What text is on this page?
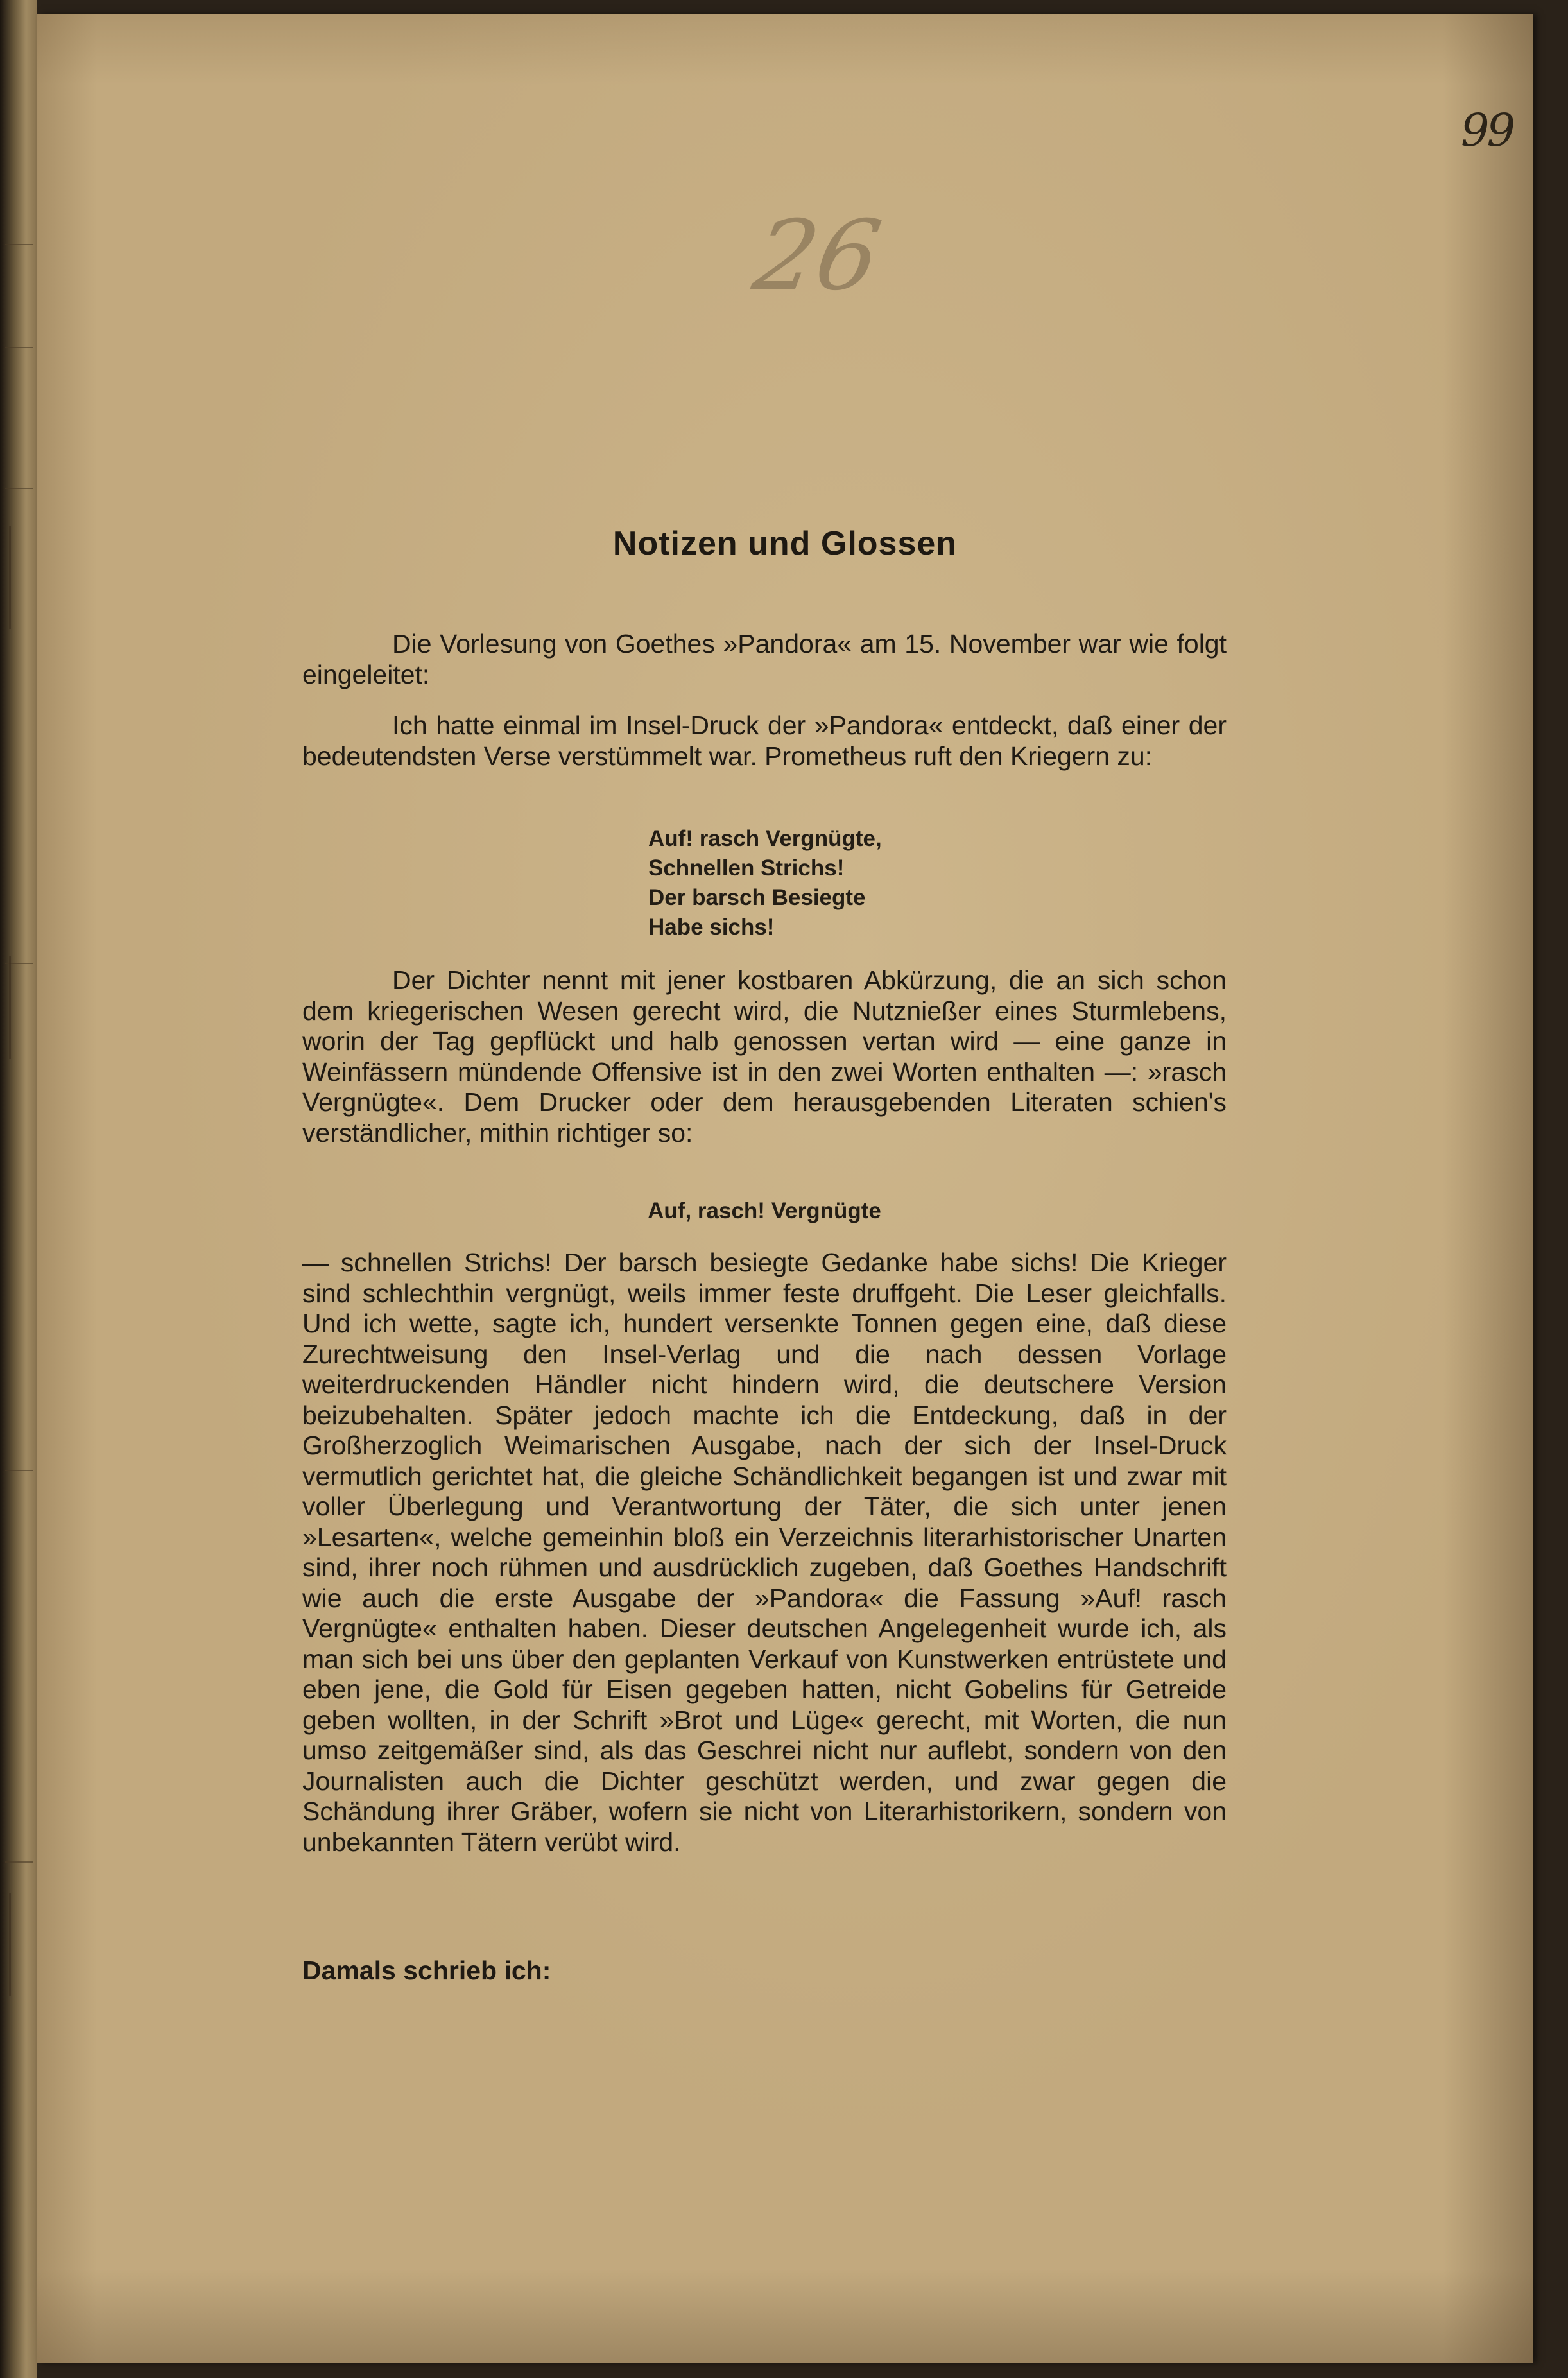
99
26
Notizen und Glossen

Die Vorlesung von Goethes »Pandora« am 15. November war wie folgt eingeleitet:

Ich hatte einmal im Insel-Druck der »Pandora« entdeckt, daß einer der bedeutendsten Verse verstümmelt war. Prometheus ruft den Kriegern zu:

Auf! rasch Vergnügte,
Schnellen Strichs!
Der barsch Besiegte
Habe sichs!

Der Dichter nennt mit jener kostbaren Abkürzung, die an sich schon dem kriegerischen Wesen gerecht wird, die Nutznießer eines Sturmlebens, worin der Tag gepflückt und halb genossen vertan wird — eine ganze in Weinfässern mündende Offensive ist in den zwei Worten enthalten —: »rasch Vergnügte«. Dem Drucker oder dem herausgebenden Literaten schien's verständlicher, mithin richtiger so:

Auf, rasch! Vergnügte

— schnellen Strichs! Der barsch besiegte Gedanke habe sichs! Die Krieger sind schlechthin vergnügt, weils immer feste druffgeht. Die Leser gleichfalls. Und ich wette, sagte ich, hundert versenkte Tonnen gegen eine, daß diese Zurechtweisung den Insel-Verlag und die nach dessen Vorlage weiterdruckenden Händler nicht hindern wird, die deutschere Version beizubehalten. Später jedoch machte ich die Entdeckung, daß in der Großherzoglich Weimarischen Ausgabe, nach der sich der Insel-Druck vermutlich gerichtet hat, die gleiche Schändlichkeit begangen ist und zwar mit voller Überlegung und Verantwortung der Täter, die sich unter jenen »Lesarten«, welche gemeinhin bloß ein Verzeichnis literarhistorischer Unarten sind, ihrer noch rühmen und ausdrücklich zugeben, daß Goethes Handschrift wie auch die erste Ausgabe der »Pandora« die Fassung »Auf! rasch Vergnügte« enthalten haben. Dieser deutschen Angelegenheit wurde ich, als man sich bei uns über den geplanten Verkauf von Kunstwerken entrüstete und eben jene, die Gold für Eisen gegeben hatten, nicht Gobelins für Getreide geben wollten, in der Schrift »Brot und Lüge« gerecht, mit Worten, die nun umso zeitgemäßer sind, als das Geschrei nicht nur auflebt, sondern von den Journalisten auch die Dichter geschützt werden, und zwar gegen die Schändung ihrer Gräber, wofern sie nicht von Literarhistorikern, sondern von unbekannten Tätern verübt wird.

Damals schrieb ich:
